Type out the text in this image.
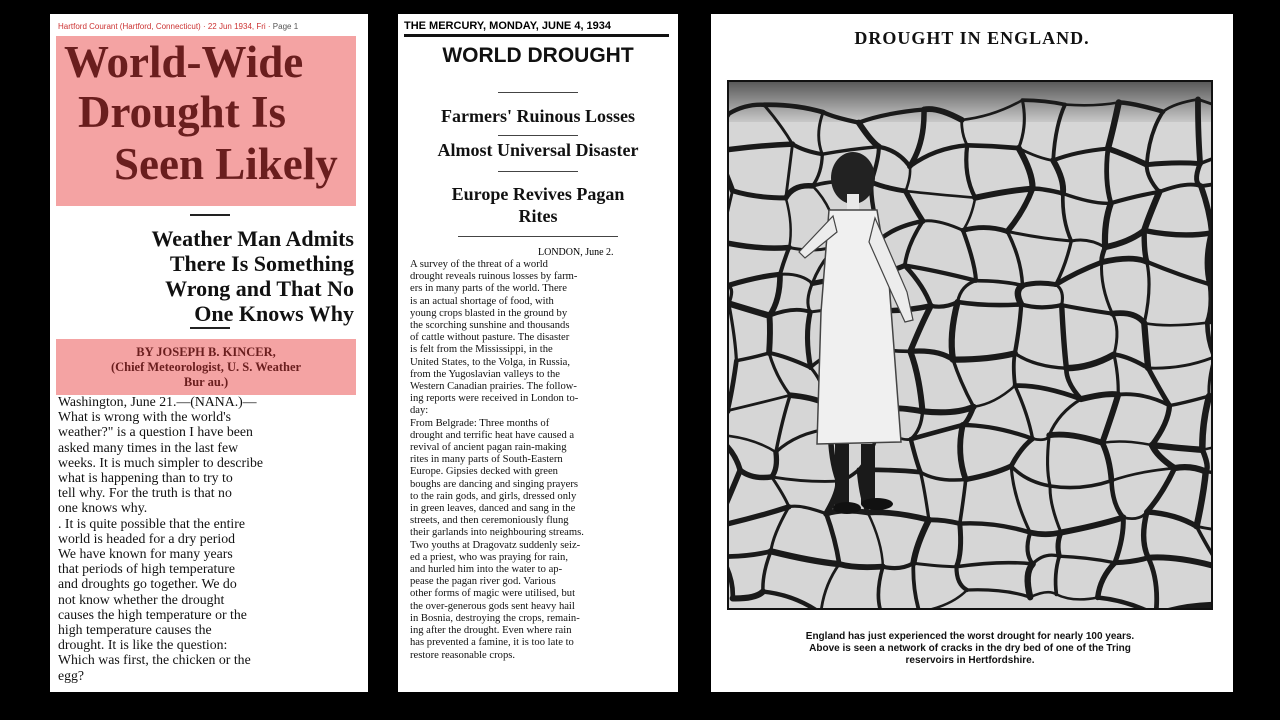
Hartford Courant (Hartford, Connecticut) · 22 Jun 1934, Fri · Page 1
World-Wide
Drought Is
Seen Likely
Weather Man Admits
There Is Something
Wrong and That No
One Knows Why
BY JOSEPH B. KINCER,
(Chief Meteorologist, U. S. Weather
Bur au.)
Washington, June 21.—(NANA.)—
What is wrong with the world's
weather?" is a question I have been
asked many times in the last few
weeks. It is much simpler to describe
what is happening than to try to
tell why. For the truth is that no
one knows why.
. It is quite possible that the entire
world is headed for a dry period
We have known for many years
that periods of high temperature
and droughts go together. We do
not know whether the drought
causes the high temperature or the
high temperature causes the
drought. It is like the question:
Which was first, the chicken or the
egg?
THE MERCURY, MONDAY, JUNE 4, 1934
WORLD DROUGHT
Farmers' Ruinous Losses
Almost Universal Disaster
Europe Revives Pagan
Rites
LONDON, June 2.
A survey of the threat of a world
drought reveals ruinous losses by farm-
ers in many parts of the world. There
is an actual shortage of food, with
young crops blasted in the ground by
the scorching sunshine and thousands
of cattle without pasture. The disaster
is felt from the Mississippi, in the
United States, to the Volga, in Russia,
from the Yugoslavian valleys to the
Western Canadian prairies. The follow-
ing reports were received in London to-
day:
From Belgrade: Three months of
drought and terrific heat have caused a
revival of ancient pagan rain-making
rites in many parts of South-Eastern
Europe. Gipsies decked with green
boughs are dancing and singing prayers
to the rain gods, and girls, dressed only
in green leaves, danced and sang in the
streets, and then ceremoniously flung
their garlands into neighbouring streams.
Two youths at Dragovatz suddenly seiz-
ed a priest, who was praying for rain,
and hurled him into the water to ap-
pease the pagan river god. Various
other forms of magic were utilised, but
the over-generous gods sent heavy hail
in Bosnia, destroying the crops, remain-
ing after the drought. Even where rain
has prevented a famine, it is too late to
restore reasonable crops.
DROUGHT IN ENGLAND.
England has just experienced the worst drought for nearly 100 years.
Above is seen a network of cracks in the dry bed of one of the Tring
reservoirs in Hertfordshire.
